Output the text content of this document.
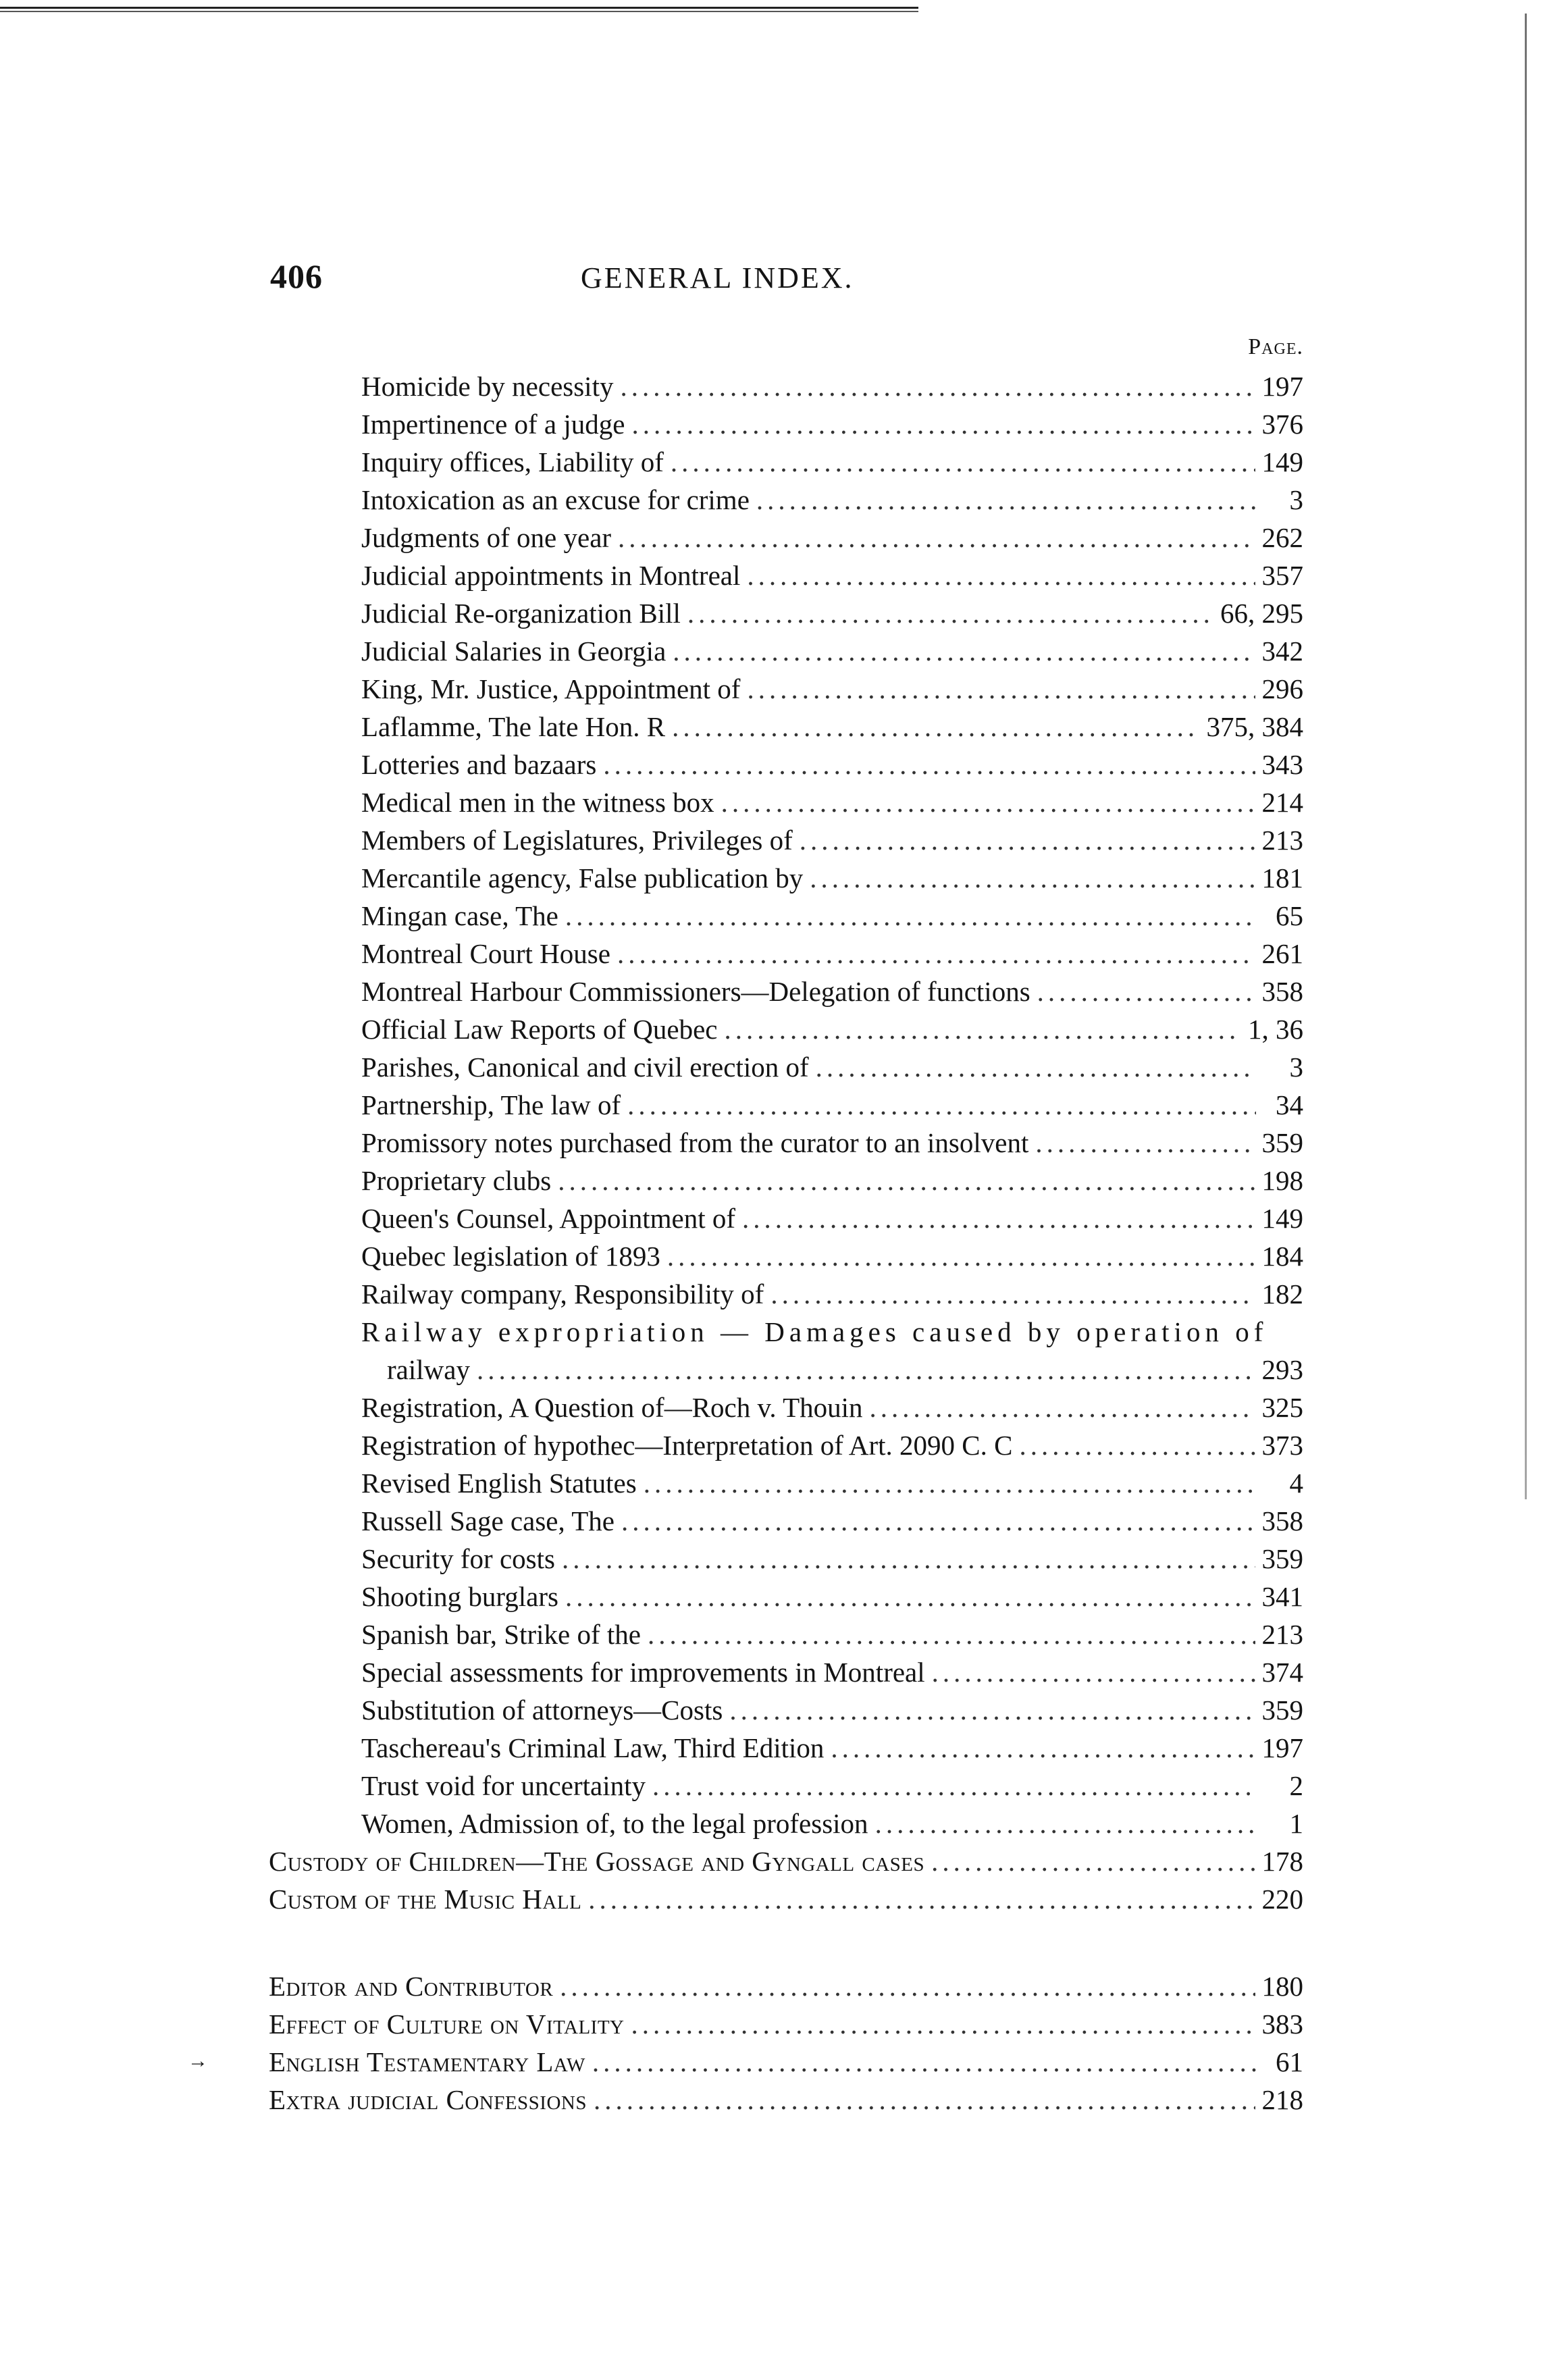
406	GENERAL INDEX.
Page.
Homicide by necessity .....	197
Impertinence of a judge .....	376
Inquiry offices, Liability of .....	149
Intoxication as an excuse for crime .....	3
Judgments of one year .....	262
Judicial appointments in Montreal .....	357
Judicial Re-organization Bill .....	66, 295
Judicial Salaries in Georgia .....	342
King, Mr. Justice, Appointment of .....	296
Laflamme, The late Hon. R .....	375, 384
Lotteries and bazaars .....	343
Medical men in the witness box .....	214
Members of Legislatures, Privileges of .....	213
Mercantile agency, False publication by .....	181
Mingan case, The .....	65
Montreal Court House .....	261
Montreal Harbour Commissioners—Delegation of functions .....	358
Official Law Reports of Quebec .....	1, 36
Parishes, Canonical and civil erection of .....	3
Partnership, The law of .....	34
Promissory notes purchased from the curator to an insolvent .....	359
Proprietary clubs .....	198
Queen's Counsel, Appointment of .....	149
Quebec legislation of 1893 .....	184
Railway company, Responsibility of .....	182
Railway expropriation — Damages caused by operation of
railway .....	293
Registration, A Question of—Roch v. Thouin .....	325
Registration of hypothec—Interpretation of Art. 2090 C. C .....	373
Revised English Statutes .....	4
Russell Sage case, The .....	358
Security for costs .....	359
Shooting burglars .....	341
Spanish bar, Strike of the .....	213
Special assessments for improvements in Montreal .....	374
Substitution of attorneys—Costs .....	359
Taschereau's Criminal Law, Third Edition .....	197
Trust void for uncertainty .....	2
Women, Admission of, to the legal profession .....	1
Custody of Children—The Gossage and Gyngall cases .....	178
Custom of the Music Hall .....	220
Editor and Contributor .....	180
Effect of Culture on Vitality .....	383
English Testamentary Law .....	61
Extra judicial Confessions .....	218
→
